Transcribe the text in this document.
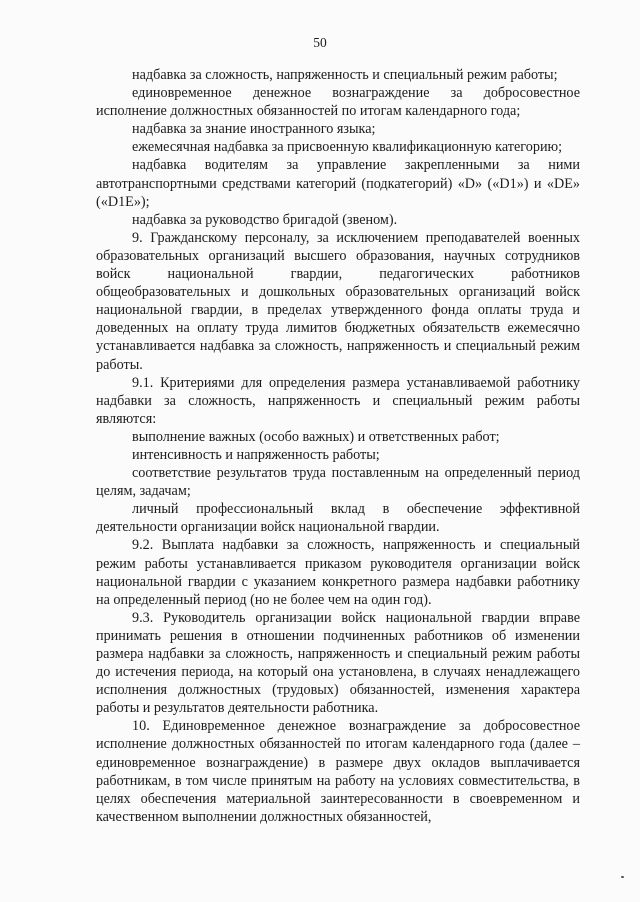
50

надбавка за сложность, напряженность и специальный режим работы;

единовременное денежное вознаграждение за добросовестное исполнение должностных обязанностей по итогам календарного года;

надбавка за знание иностранного языка;

ежемесячная надбавка за присвоенную квалификационную категорию;

надбавка водителям за управление закрепленными за ними автотранспортными средствами категорий (подкатегорий) «D» («D1») и «DE» («D1E»);

надбавка за руководство бригадой (звеном).

9. Гражданскому персоналу, за исключением преподавателей военных образовательных организаций высшего образования, научных сотрудников войск национальной гвардии, педагогических работников общеобразовательных и дошкольных образовательных организаций войск национальной гвардии, в пределах утвержденного фонда оплаты труда и доведенных на оплату труда лимитов бюджетных обязательств ежемесячно устанавливается надбавка за сложность, напряженность и специальный режим работы.

9.1. Критериями для определения размера устанавливаемой работнику надбавки за сложность, напряженность и специальный режим работы являются:

выполнение важных (особо важных) и ответственных работ;

интенсивность и напряженность работы;

соответствие результатов труда поставленным на определенный период целям, задачам;

личный профессиональный вклад в обеспечение эффективной деятельности организации войск национальной гвардии.

9.2. Выплата надбавки за сложность, напряженность и специальный режим работы устанавливается приказом руководителя организации войск национальной гвардии с указанием конкретного размера надбавки работнику на определенный период (но не более чем на один год).

9.3. Руководитель организации войск национальной гвардии вправе принимать решения в отношении подчиненных работников об изменении размера надбавки за сложность, напряженность и специальный режим работы до истечения периода, на который она установлена, в случаях ненадлежащего исполнения должностных (трудовых) обязанностей, изменения характера работы и результатов деятельности работника.

10. Единовременное денежное вознаграждение за добросовестное исполнение должностных обязанностей по итогам календарного года (далее – единовременное вознаграждение) в размере двух окладов выплачивается работникам, в том числе принятым на работу на условиях совместительства, в целях обеспечения материальной заинтересованности в своевременном и качественном выполнении должностных обязанностей,
